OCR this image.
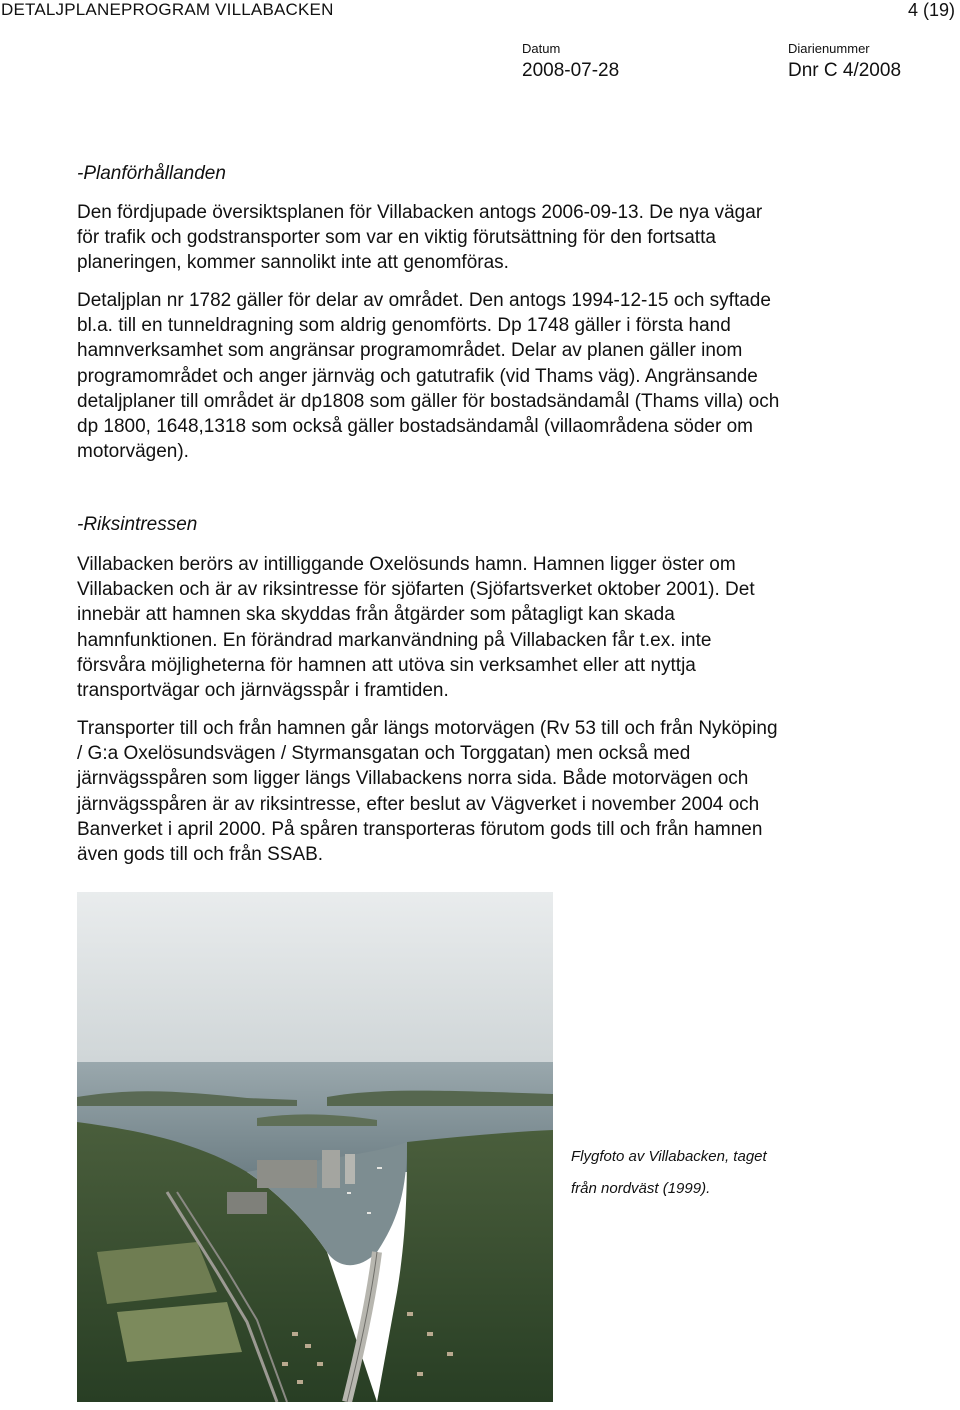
DETALJPLANEPROGRAM VILLABACKEN	4 (19)

Datum

2008-07-28

Diarienummer

Dnr C 4/2008

-Planförhållanden

Den fördjupade översiktsplanen för Villabacken antogs 2006-09-13. De nya vägar
för trafik och godstransporter som var en viktig förutsättning för den fortsatta
planeringen, kommer sannolikt inte att genomföras.
Detaljplan nr 1782 gäller för delar av området. Den antogs 1994-12-15 och syftade
bl.a. till en tunneldragning som aldrig genomförts. Dp 1748 gäller i första hand
hamnverksamhet som angränsar programområdet. Delar av planen gäller inom
programområdet och anger järnväg och gatutrafik (vid Thams väg). Angränsande
detaljplaner till området är dp1808 som gäller för bostadsändamål (Thams villa) och
dp 1800, 1648,1318 som också gäller bostadsändamål (villaområdena söder om
motorvägen).

-Riksintressen

Villabacken berörs av intilliggande Oxelösunds hamn. Hamnen ligger öster om
Villabacken och är av riksintresse för sjöfarten (Sjöfartsverket oktober 2001). Det
innebär att hamnen ska skyddas från åtgärder som påtagligt kan skada
hamnfunktionen. En förändrad markanvändning på Villabacken får t.ex. inte
försvåra möjligheterna för hamnen att utöva sin verksamhet eller att nyttja
transportvägar och järnvägsspår i framtiden.
Transporter till och från hamnen går längs motorvägen (Rv 53 till och från Nyköping
/ G:a Oxelösundsvägen / Styrmansgatan och Torggatan) men också med
järnvägsspåren som ligger längs Villabackens norra sida. Både motorvägen och
järnvägsspåren är av riksintresse, efter beslut av Vägverket i november 2004 och
Banverket i april 2000. På spåren transporteras förutom gods till och från hamnen
även gods till och från SSAB.

Flygfoto av Villabacken, taget

från nordväst (1999).
